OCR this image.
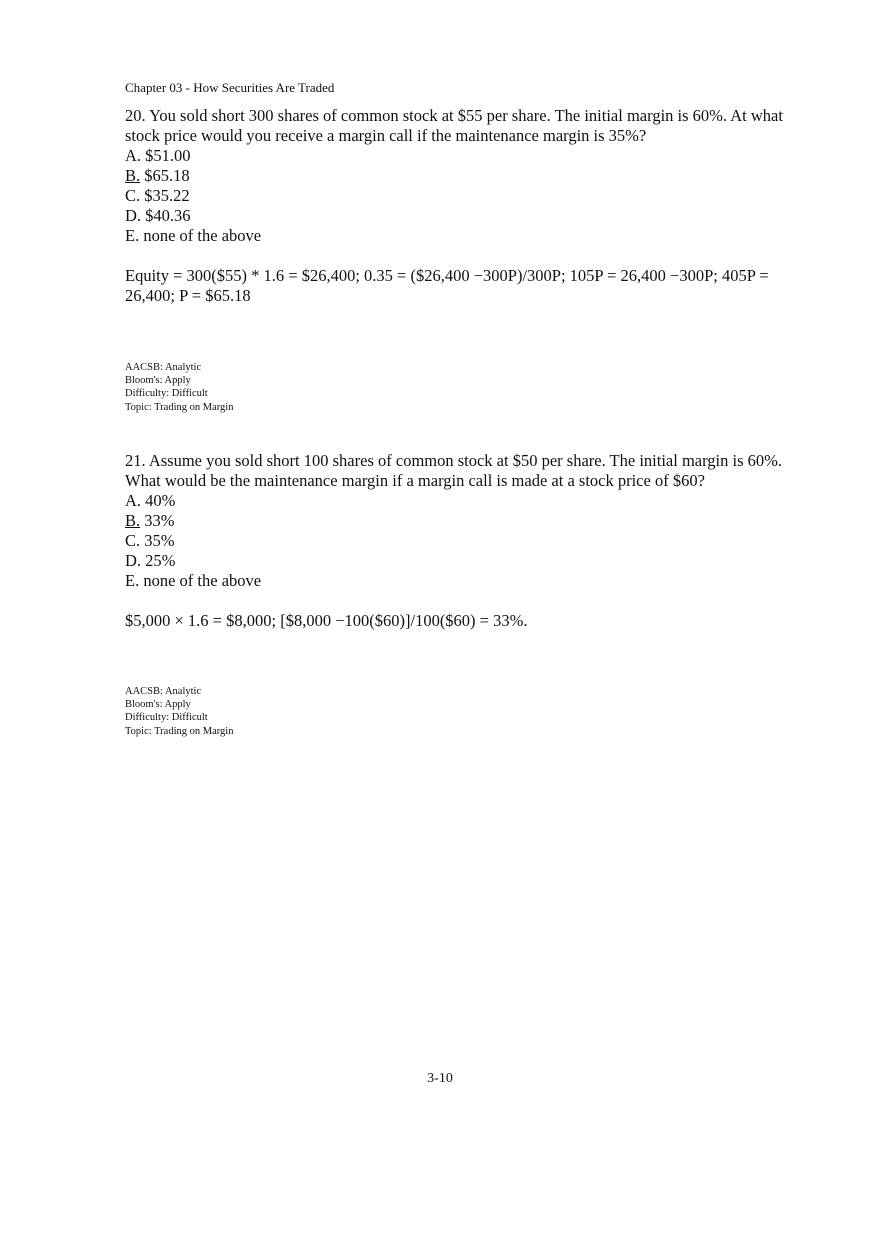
Chapter 03 - How Securities Are Traded

20. You sold short 300 shares of common stock at $55 per share. The initial margin is 60%. At what stock price would you receive a margin call if the maintenance margin is 35%?

A. $51.00
B. $65.18
C. $35.22
D. $40.36
E. none of the above

Equity = 300($55) * 1.6 = $26,400; 0.35 = ($26,400 −300P)/300P; 105P = 26,400 −300P; 405P = 26,400; P = $65.18

AACSB: Analytic
Bloom's: Apply
Difficulty: Difficult
Topic: Trading on Margin

21. Assume you sold short 100 shares of common stock at $50 per share. The initial margin is 60%. What would be the maintenance margin if a margin call is made at a stock price of $60?

A. 40%
B. 33%
C. 35%
D. 25%
E. none of the above

$5,000 × 1.6 = $8,000; [$8,000 −100($60)]/100($60) = 33%.

AACSB: Analytic
Bloom's: Apply
Difficulty: Difficult
Topic: Trading on Margin
3-10
